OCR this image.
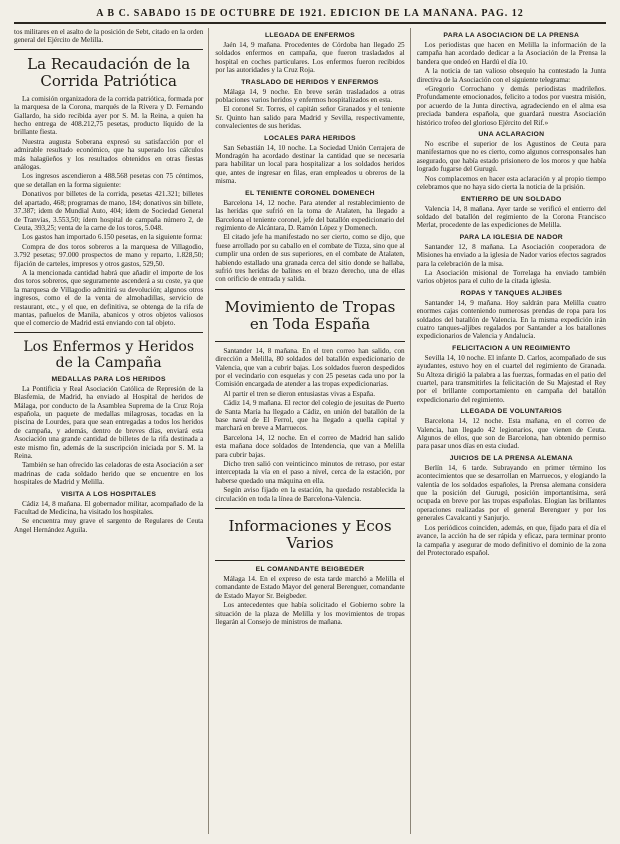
A B C. SABADO 15 DE OCTUBRE DE 1921. EDICION DE LA MAÑANA. PAG. 12

tos militares en el asalto de la posición de Sebt, citado en la orden general del Ejército de Melilla.

La Recaudación de la Corrida Patriótica

La comisión organizadora de la corrida patriótica, formada por la marquesa de la Corona, marqués de la Rivera y D. Fernando Gallardo, ha sido recibida ayer por S. M. la Reina, a quien ha hecho entrega de 408.212,75 pesetas, producto líquido de la brillante fiesta.

Nuestra augusta Soberana expresó su satisfacción por el admirable resultado económico, que ha superado los cálculos más halagüeños y los resultados obtenidos en otras fiestas análogas.

Los ingresos ascendieron a 488.568 pesetas con 75 céntimos, que se detallan en la forma siguiente:

Donativos por billetes de la corrida, pesetas 421.321; billetes del apartado, 468; programas de mano, 184; donativos sin billete, 37.387; idem de Mundial Auto, 404; ídem de Sociedad General de Tranvías, 3.553,50; ídem hospital de campaña número 2, de Ceuta, 393,25; venta de la carne de los toros, 5.048.

Los gastos han importado 6.150 pesetas, en la siguiente forma:

Compra de dos toros sobreros a la marquesa de Villagodio, 3.792 pesetas; 97.000 prospectos de mano y reparto, 1.828,50; fijación de carteles, impresos y otros gastos, 529,50.

A la mencionada cantidad habrá que añadir el importe de los dos toros sobreros, que seguramente ascenderá a su coste, ya que la marquesa de Villagodio admitirá su devolución; algunos otros ingresos, como el de la venta de almohadillas, servicio de restaurant, etc., y el que, en definitiva, se obtenga de la rifa de mantas, pañuelos de Manila, abanicos y otros objetos valiosos que el comercio de Madrid está enviando con tal objeto.

Los Enfermos y Heridos de la Campaña
MEDALLAS PARA LOS HERIDOS

La Pontificia y Real Asociación Católica de Represión de la Blasfemia, de Madrid, ha enviado al Hospital de heridos de Málaga, por conducto de la Asamblea Suprema de la Cruz Roja española, un paquete de medallas milagrosas, tocadas en la piscina de Lourdes, para que sean entregadas a todos los heridos de campaña, y además, dentro de breves días, enviará esta Asociación una grande cantidad de billetes de la rifa destinada a este mismo fin, además de la suscripción iniciada por S. M. la Reina.

También se han ofrecido las celadoras de esta Asociación a ser madrinas de cada soldado herido que se encuentre en los hospitales de Madrid y Melilla.

VISITA A LOS HOSPITALES

Cádiz 14, 8 mañana. El gobernador militar, acompañado de la Facultad de Medicina, ha visitado los hospitales.

Se encuentra muy grave el sargento de Regulares de Ceuta Angel Hernández Aguila.

LLEGADA DE ENFERMOS

Jaén 14, 9 mañana. Procedentes de Córdoba han llegado 25 soldados enfermos en campaña, que fueron trasladados al hospital en coches particulares. Los enfermos fueron recibidos por las autoridades y la Cruz Roja.

TRASLADO DE HERIDOS Y ENFERMOS

Málaga 14, 9 noche. En breve serán trasladados a otras poblaciones varios heridos y enfermos hospitalizados en esta.

El coronel Sr. Torres, el capitán señor Granados y el teniente Sr. Quinto han salido para Madrid y Sevilla, respectivamente, convalecientes de sus heridas.

LOCALES PARA HERIDOS

San Sebastián 14, 10 noche. La Sociedad Unión Cerrajera de Mondragón ha acordado destinar la cantidad que se necesaria para habilitar un local para hospitalizar a los soldados heridos que, antes de ingresar en filas, eran empleados u obreros de la misma.

EL TENIENTE CORONEL DOMENECH

Barcelona 14, 12 noche. Para atender al restablecimiento de las heridas que sufrió en la toma de Atalaten, ha llegado a Barcelona el teniente coronel, jefe del batallón expedicionario del regimiento de Alcántara, D. Ramón López y Domenech.

El citado jefe ha manifestado no ser cierto, como se dijo, que fuese arrollado por su caballo en el combate de Tizza, sino que al cumplir una orden de sus superiores, en el combate de Atalaten, habiendo estallado una granada cerca del sitio donde se hallaba, sufrió tres heridas de balines en el brazo derecho, una de ellas con orificio de entrada y salida.

Movimiento de Tropas en Toda España

Santander 14, 8 mañana. En el tren correo han salido, con dirección a Melilla, 80 soldados del batallón expedicionario de Valencia, que van a cubrir bajas. Los soldados fueron despedidos por el vecindario con esquelas y con 25 pesetas cada uno por la Comisión encargada de atender a las tropas expedicionarias.

Al partir el tren se dieron entusiastas vivas a España.

Cádiz 14, 9 mañana. El rector del colegio de jesuitas de Puerto de Santa María ha llegado a Cádiz, en unión del batallón de la base naval de El Ferrol, que ha llegado a quella capital y marchará en breve a Marruecos.

Barcelona 14, 12 noche. En el correo de Madrid han salido esta mañana doce soldados de Intendencia, que van a Melilla para cubrir bajas.

Dicho tren salió con veinticinco minutos de retraso, por estar interceptada la vía en el paso a nivel, cerca de la estación, por haberse quedado una máquina en ella.

Según aviso fijado en la estación, ha quedado restablecida la circulación en toda la línea de Barcelona-Valencia.

Informaciones y Ecos Varios
EL COMANDANTE BEIGBEDER

Málaga 14. En el expreso de esta tarde marchó a Melilla el comandante de Estado Mayor del general Berenguer, comandante de Estado Mayor Sr. Beigbeder.

Los antecedentes que había solicitado el Gobierno sobre la situación de la plaza de Melilla y los movimientos de tropas llegarán al Consejo de ministros de mañana.

PARA LA ASOCIACION DE LA PRENSA

Los periodistas que hacen en Melilla la información de la campaña han acordado dedicar a la Asociación de la Prensa la bandera que ondeó en Hardú el día 10.

A la noticia de tan valioso obsequio ha contestado la Junta directiva de la Asociación con el siguiente telegrama:

«Gregorio Corrochano y demás periodistas madrileños. Profundamente emocionados, felicito a todos por vuestra misión, por acuerdo de la Junta directiva, agradeciendo en el alma esa preciada bandera española, que guardará nuestra Asociación histórico trofeo del glorioso Ejército del Rif.»

UNA ACLARACION

No escribe el superior de los Agustinos de Ceuta para manifestarnos que no es cierto, como algunos corresponsales han asegurado, que había estado prisionero de los moros y que había logrado fugarse del Gurugú.

Nos complacemos en hacer esta aclaración y al propio tiempo celebramos que no haya sido cierta la noticia de la prisión.

ENTIERRO DE UN SOLDADO

Valencia 14, 8 mañana. Ayer tarde se verificó el entierro del soldado del batallón del regimiento de la Corona Francisco Merlat, procedente de las expediciones de Melilla.

PARA LA IGLESIA DE NADOR

Santander 12, 8 mañana. La Asociación cooperadora de Misiones ha enviado a la iglesia de Nador varios efectos sagrados para la celebración de la misa.

La Asociación misional de Torrelaga ha enviado también varios objetos para el culto de la citada iglesia.

ROPAS Y TANQUES ALJIBES

Santander 14, 9 mañana. Hoy saldrán para Melilla cuatro enormes cajas conteniendo numerosas prendas de ropa para los soldados del batallón de Valencia. En la misma expedición irán cuatro tanques-aljibes regalados por Santander a los batallones expedicionarios de Valencia y Andalucía.

FELICITACION A UN REGIMIENTO

Sevilla 14, 10 noche. El infante D. Carlos, acompañado de sus ayudantes, estuvo hoy en el cuartel del regimiento de Granada. Su Alteza dirigió la palabra a las fuerzas, formadas en el patio del cuartel, para transmitirles la felicitación de Su Majestad el Rey por el brillante comportamiento en campaña del batallón expedicionario del regimiento.

LLEGADA DE VOLUNTARIOS

Barcelona 14, 12 noche. Esta mañana, en el correo de Valencia, han llegado 42 legionarios, que vienen de Ceuta. Algunos de ellos, que son de Barcelona, han obtenido permiso para pasar unos días en esta ciudad.

JUICIOS DE LA PRENSA ALEMANA

Berlín 14, 6 tarde. Subrayando en primer término los acontecimientos que se desarrollan en Marruecos, y elogiando la valentía de los soldados españoles, la Prensa alemana considera que la posición del Gurugú, posición importantísima, será ocupada en breve por las tropas españolas. Elogian las brillantes operaciones realizadas por el general Berenguer y por los generales Cavalcanti y Sanjurjo.

Los periódicos coinciden, además, en que, fijado para el día el avance, la acción ha de ser rápida y eficaz, para terminar pronto la campaña y asegurar de modo definitivo el dominio de la zona del Protectorado español.
